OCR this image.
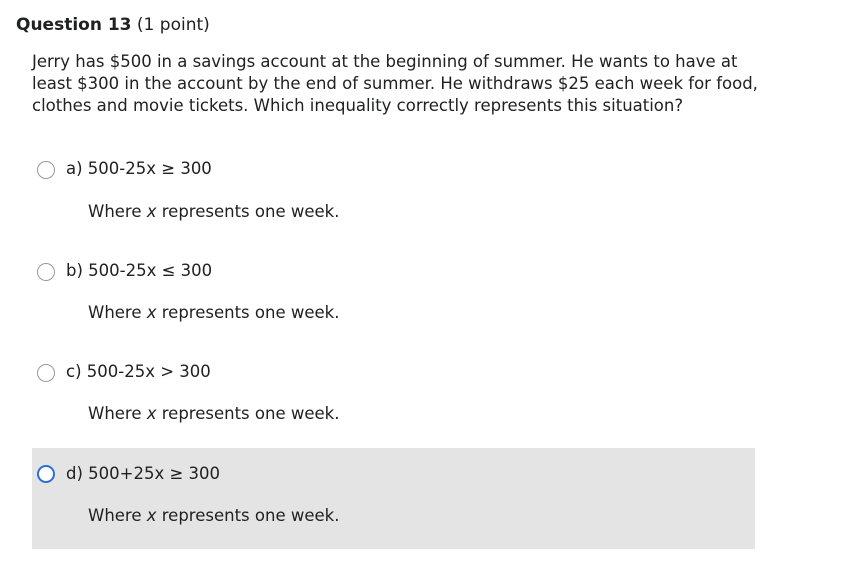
Question 13 (1 point)
Jerry has $500 in a savings account at the beginning of summer. He wants to have at least $300 in the account by the end of summer. He withdraws $25 each week for food, clothes and movie tickets. Which inequality correctly represents this situation?
a) 500-25x ≥ 300
Where x represents one week.
b) 500-25x ≤ 300
Where x represents one week.
c) 500-25x > 300
Where x represents one week.
d) 500+25x ≥ 300
Where x represents one week.
